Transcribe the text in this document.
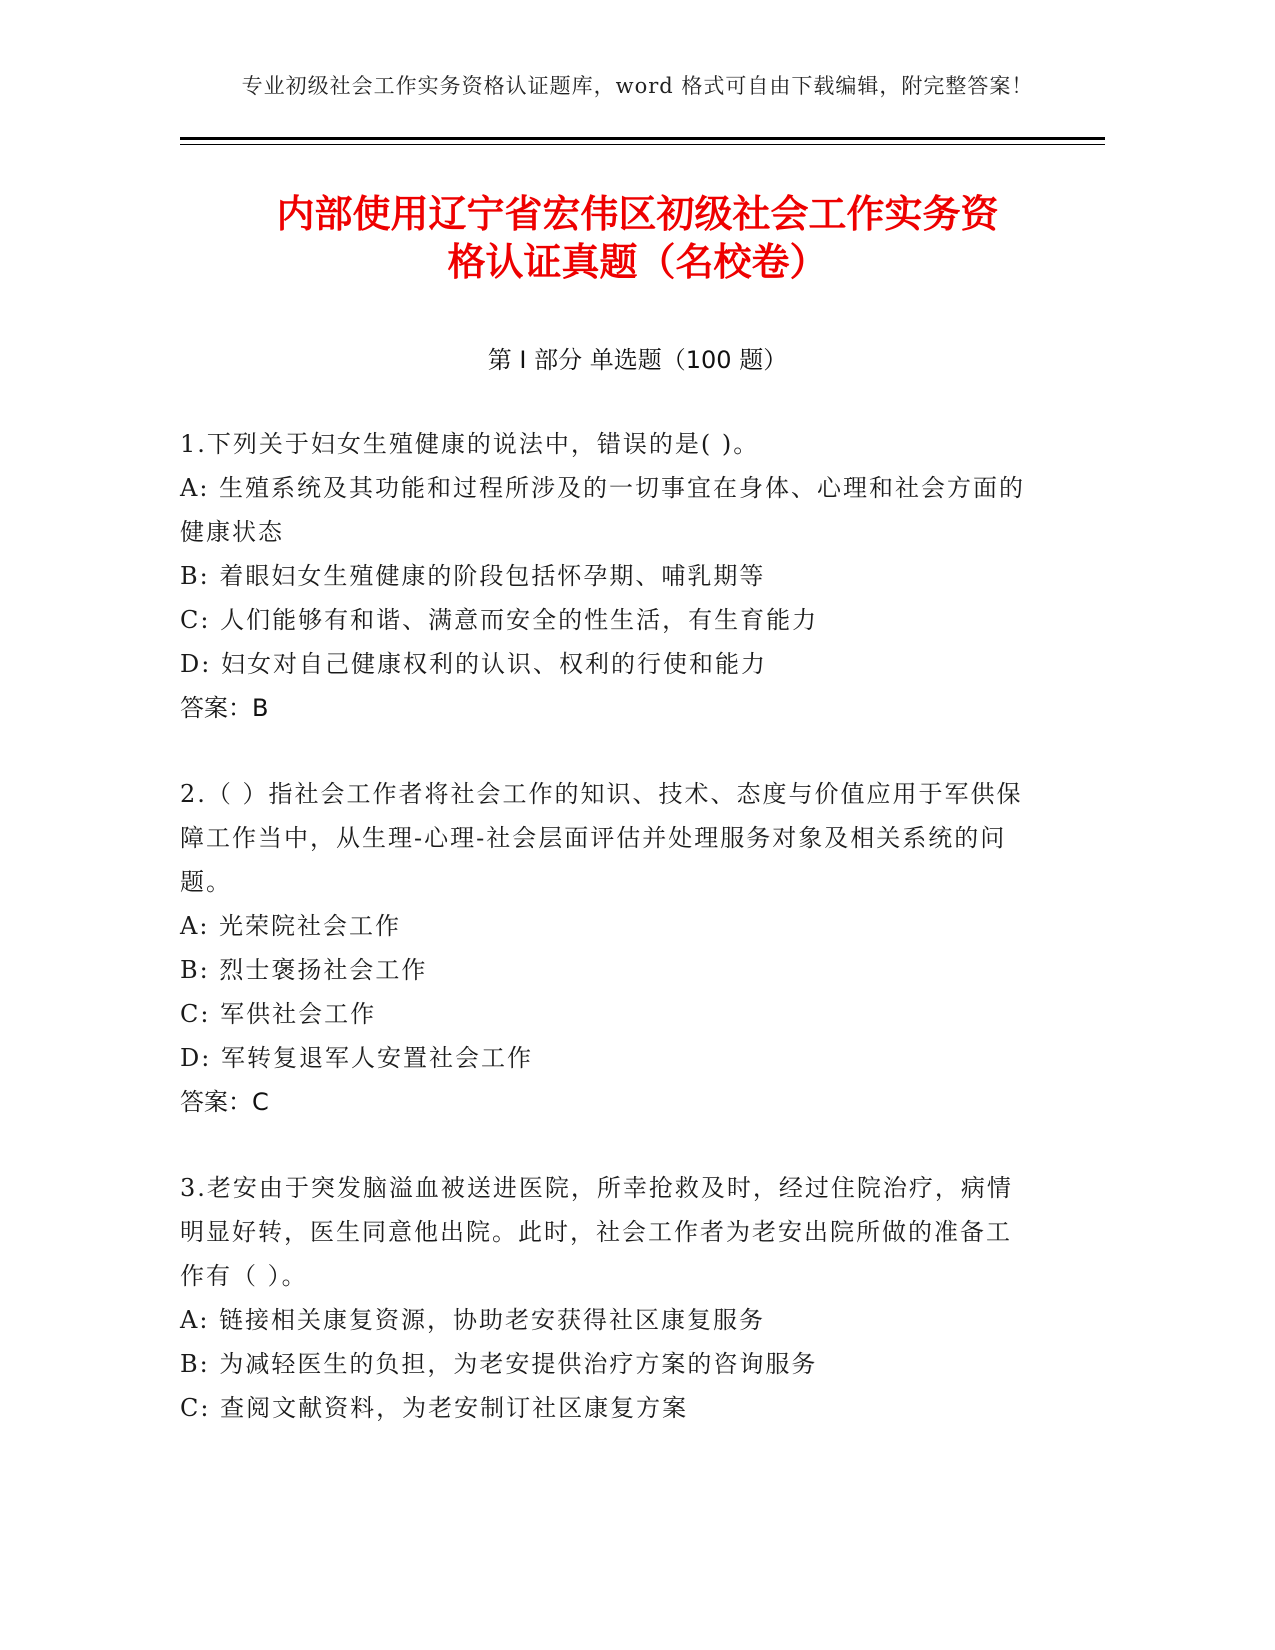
专业初级社会工作实务资格认证题库，word 格式可自由下载编辑，附完整答案！
内部使用辽宁省宏伟区初级社会工作实务资
格认证真题（名校卷）
第 I 部分 单选题（100 题）

1.下列关于妇女生殖健康的说法中，错误的是( )。

A: 生殖系统及其功能和过程所涉及的一切事宜在身体、心理和社会方面的健康状态

B: 着眼妇女生殖健康的阶段包括怀孕期、哺乳期等

C: 人们能够有和谐、满意而安全的性生活，有生育能力

D: 妇女对自己健康权利的认识、权利的行使和能力

答案：B

2.（ ）指社会工作者将社会工作的知识、技术、态度与价值应用于军供保障工作当中，从生理-心理-社会层面评估并处理服务对象及相关系统的问题。

A: 光荣院社会工作

B: 烈士褒扬社会工作

C: 军供社会工作

D: 军转复退军人安置社会工作

答案：C

3.老安由于突发脑溢血被送进医院，所幸抢救及时，经过住院治疗，病情明显好转，医生同意他出院。此时，社会工作者为老安出院所做的准备工作有（ ）。

A: 链接相关康复资源，协助老安获得社区康复服务

B: 为减轻医生的负担，为老安提供治疗方案的咨询服务

C: 查阅文献资料，为老安制订社区康复方案
